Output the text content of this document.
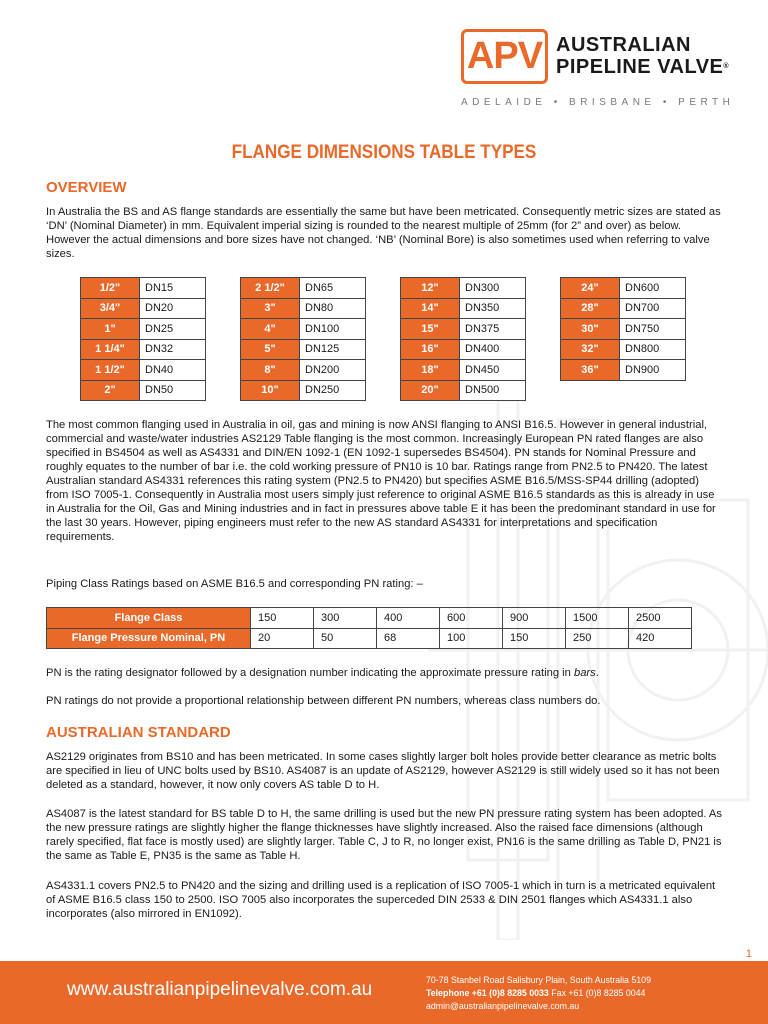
APV AUSTRALIAN
PIPELINE VALVE®
ADELAIDE • BRISBANE • PERTH
FLANGE DIMENSIONS TABLE TYPES
OVERVIEW
In Australia the BS and AS flange standards are essentially the same but have been metricated. Consequently metric sizes are stated as ‘DN’ (Nominal Diameter) in mm. Equivalent imperial sizing is rounded to the nearest multiple of 25mm (for 2” and over) as below. However the actual dimensions and bore sizes have not changed. ‘NB’ (Nominal Bore) is also sometimes used when referring to valve sizes.
1/2"	DN15
3/4"	DN20
1"	DN25
1 1/4"	DN32
1 1/2"	DN40
2"	DN50
2 1/2"	DN65
3"	DN80
4"	DN100
5"	DN125
8"	DN200
10"	DN250
12"	DN300
14"	DN350
15"	DN375
16"	DN400
18"	DN450
20"	DN500
24"	DN600
28"	DN700
30"	DN750
32"	DN800
36"	DN900
The most common flanging used in Australia in oil, gas and mining is now ANSI flanging to ANSI B16.5. However in general industrial, commercial and waste/water industries AS2129 Table flanging is the most common. Increasingly European PN rated flanges are also specified in BS4504 as well as AS4331 and DIN/EN 1092-1 (EN 1092-1 supersedes BS4504). PN stands for Nominal Pressure and roughly equates to the number of bar i.e. the cold working pressure of PN10 is 10 bar. Ratings range from PN2.5 to PN420. The latest Australian standard AS4331 references this rating system (PN2.5 to PN420) but specifies ASME B16.5/MSS-SP44 drilling (adopted) from ISO 7005-1. Consequently in Australia most users simply just reference to original ASME B16.5 standards as this is already in use in Australia for the Oil, Gas and Mining industries and in fact in pressures above table E it has been the predominant standard in use for the last 30 years. However, piping engineers must refer to the new AS standard AS4331 for interpretations and specification requirements.
Piping Class Ratings based on ASME B16.5 and corresponding PN rating: –
Flange Class	150	300	400	600	900	1500	2500
Flange Pressure Nominal, PN	20	50	68	100	150	250	420
PN is the rating designator followed by a designation number indicating the approximate pressure rating in bars.
PN ratings do not provide a proportional relationship between different PN numbers, whereas class numbers do.
AUSTRALIAN STANDARD
AS2129 originates from BS10 and has been metricated. In some cases slightly larger bolt holes provide better clearance as metric bolts are specified in lieu of UNC bolts used by BS10. AS4087 is an update of AS2129, however AS2129 is still widely used so it has not been deleted as a standard, however, it now only covers AS table D to H.
AS4087 is the latest standard for BS table D to H, the same drilling is used but the new PN pressure rating system has been adopted. As the new pressure ratings are slightly higher the flange thicknesses have slightly increased. Also the raised face dimensions (although rarely specified, flat face is mostly used) are slightly larger. Table C, J to R, no longer exist, PN16 is the same drilling as Table D, PN21 is the same as Table E, PN35 is the same as Table H.
AS4331.1 covers PN2.5 to PN420 and the sizing and drilling used is a replication of ISO 7005-1 which in turn is a metricated equivalent of ASME B16.5 class 150 to 2500. ISO 7005 also incorporates the superceded DIN 2533 & DIN 2501 flanges which AS4331.1 also incorporates (also mirrored in EN1092).
1
www.australianpipelinevalve.com.au	70-78 Stanbel Road Salisbury Plain, South Australia 5109
Telephone +61 (0)8 8285 0033 Fax +61 (0)8 8285 0044
admin@australianpipelinevalve.com.au
